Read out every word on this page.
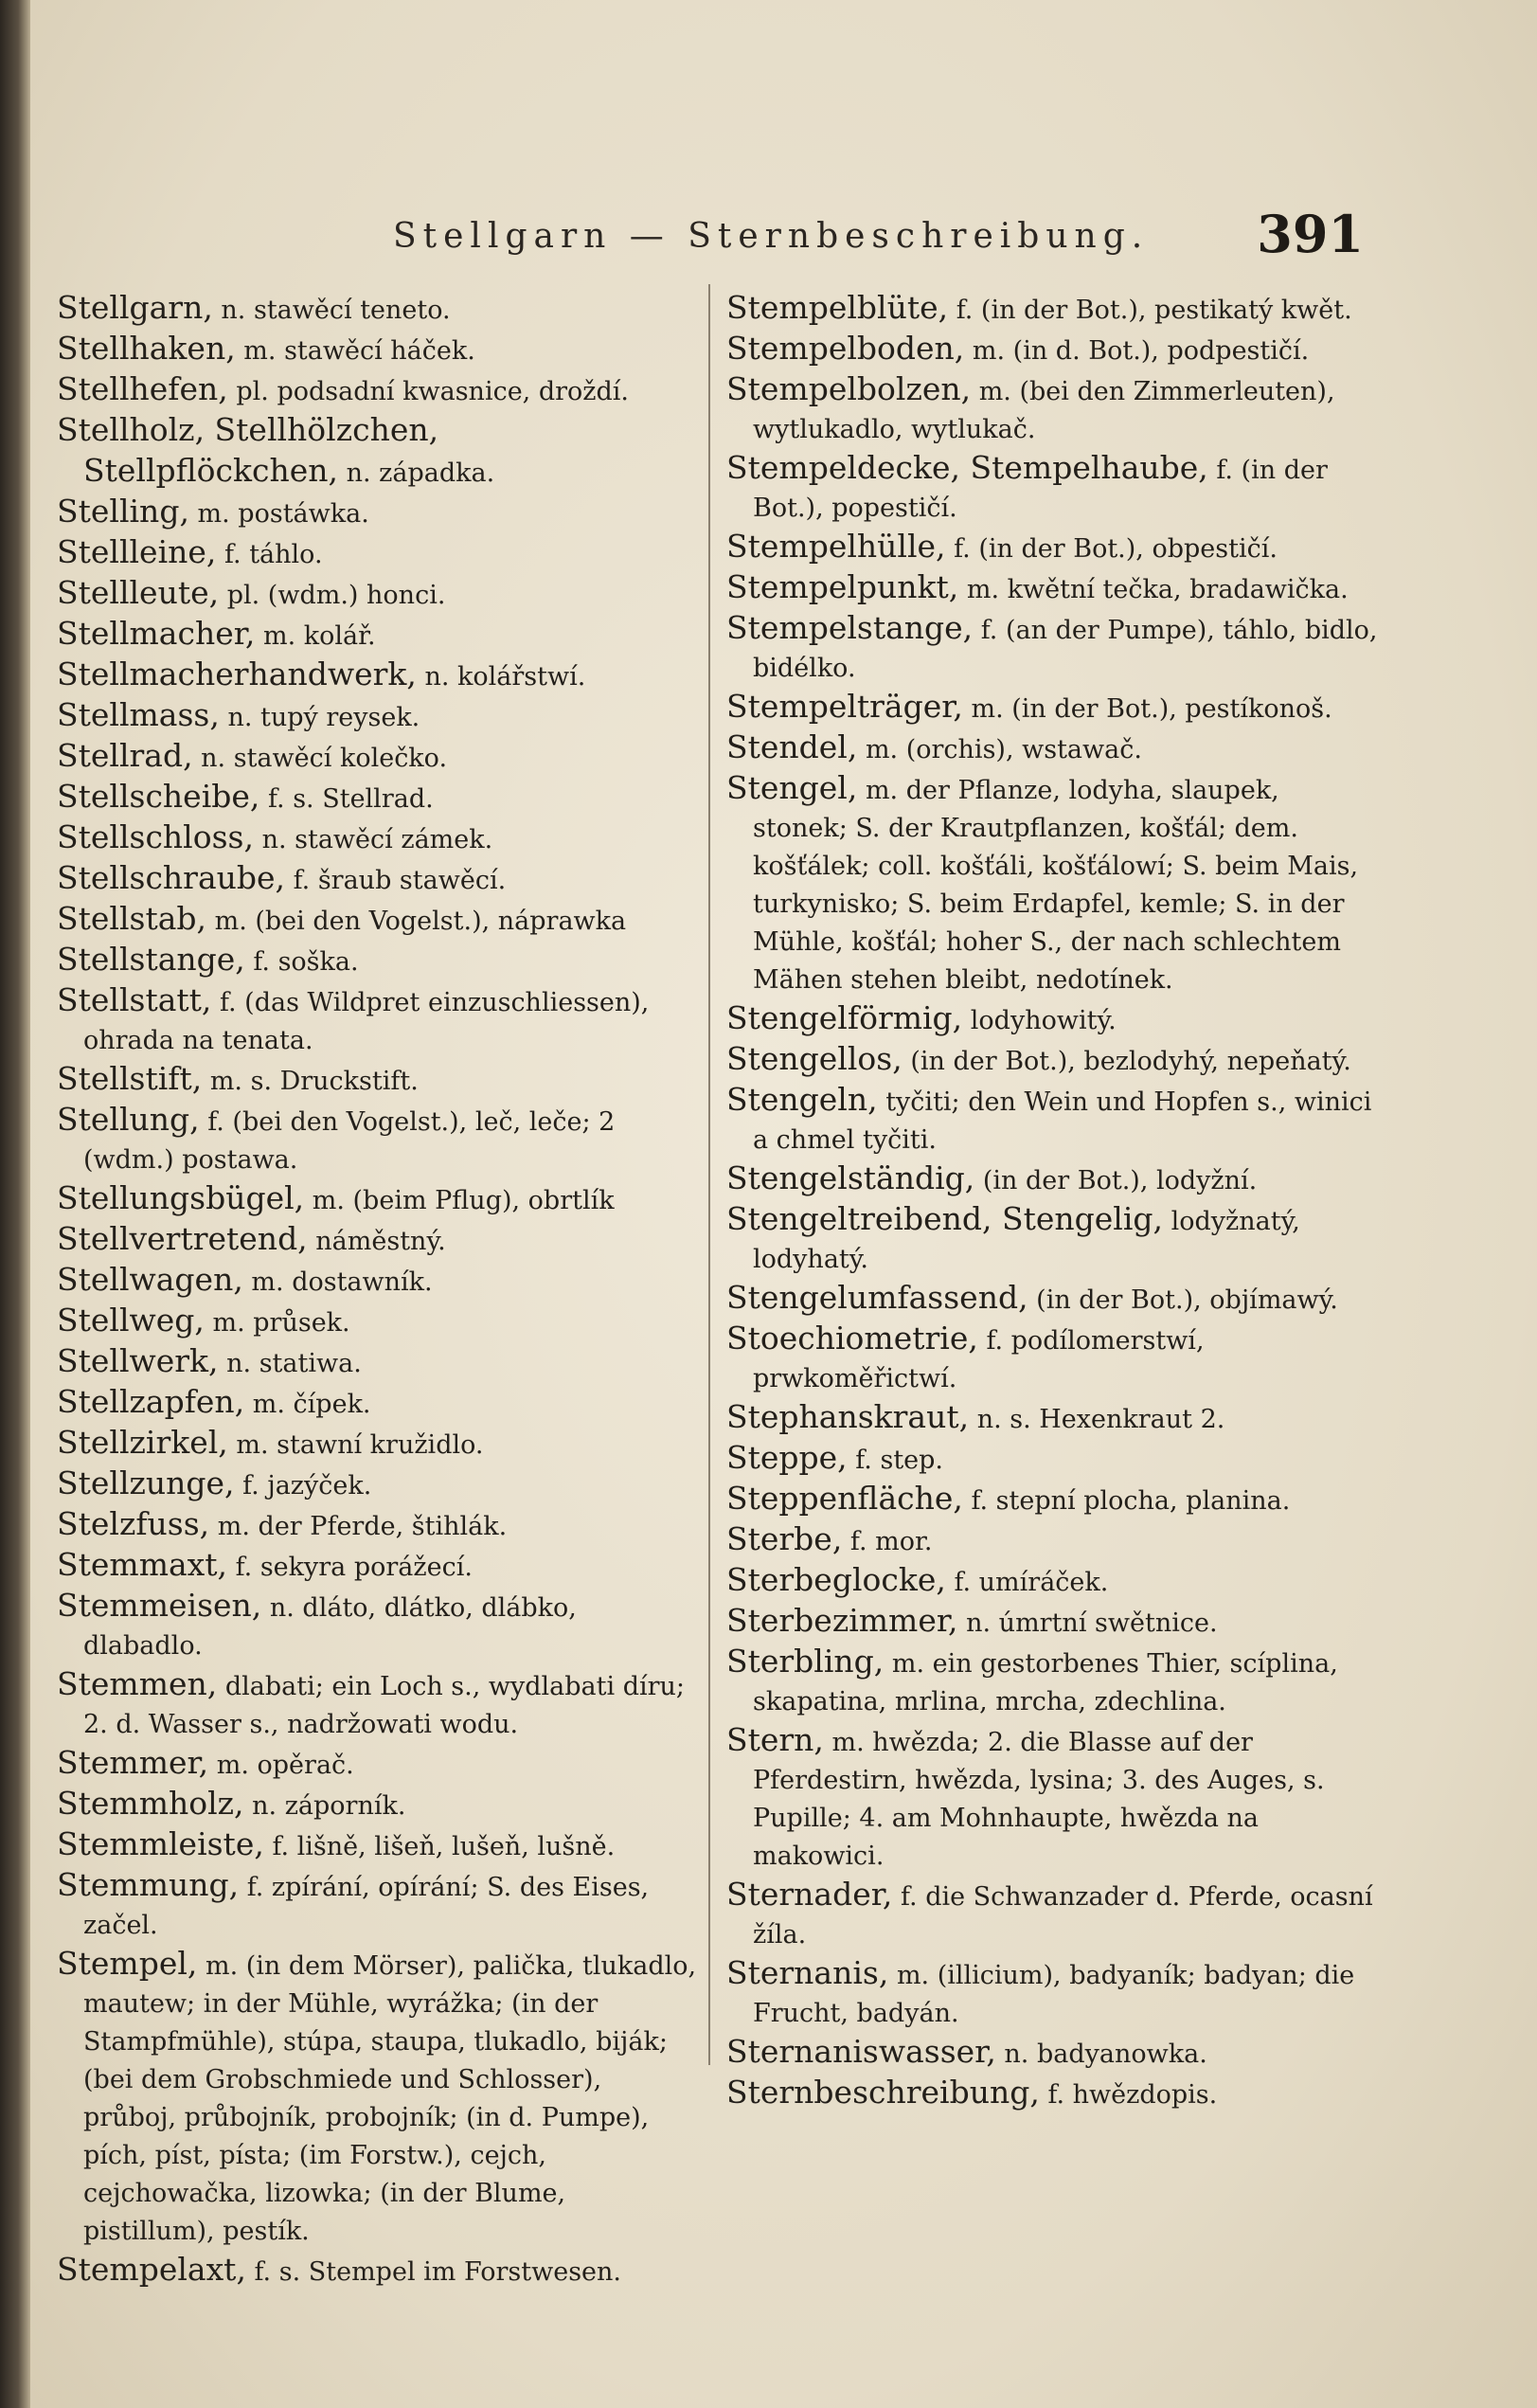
Stellgarn — Sternbeschreibung. 391

Stellgarn, n. stawěcí teneto.

Stellhaken, m. stawěcí háček.

Stellhefen, pl. podsadní kwasnice, droždí.

Stellholz, Stellhölzchen, Stellpflöckchen, n. západka.

Stelling, m. postáwka.

Stellleine, f. táhlo.

Stellleute, pl. (wdm.) honci.

Stellmacher, m. kolář.

Stellmacherhandwerk, n. kolářstwí.

Stellmass, n. tupý reysek.

Stellrad, n. stawěcí kolečko.

Stellscheibe, f. s. Stellrad.

Stellschloss, n. stawěcí zámek.

Stellschraube, f. šraub stawěcí.

Stellstab, m. (bei den Vogelst.), náprawka

Stellstange, f. soška.

Stellstatt, f. (das Wildpret einzuschliessen), ohrada na tenata.

Stellstift, m. s. Druckstift.

Stellung, f. (bei den Vogelst.), leč, leče; 2 (wdm.) postawa.

Stellungsbügel, m. (beim Pflug), obrtlík

Stellvertretend, náměstný.

Stellwagen, m. dostawník.

Stellweg, m. průsek.

Stellwerk, n. statiwa.

Stellzapfen, m. čípek.

Stellzirkel, m. stawní kružidlo.

Stellzunge, f. jazýček.

Stelzfuss, m. der Pferde, štihlák.

Stemmaxt, f. sekyra porážecí.

Stemmeisen, n. dláto, dlátko, dlábko, dlabadlo.

Stemmen, dlabati; ein Loch s., wydlabati díru; 2. d. Wasser s., nadržowati wodu.

Stemmer, m. opěrač.

Stemmholz, n. záporník.

Stemmleiste, f. lišně, lišeň, lušeň, lušně.

Stemmung, f. zpírání, opírání; S. des Eises, začel.

Stempel, m. (in dem Mörser), palička, tlukadlo, mautew; in der Mühle, wyrážka; (in der Stampfmühle), stúpa, staupa, tlukadlo, biják; (bei dem Grobschmiede und Schlosser), průboj, průbojník, probojník; (in d. Pumpe), pích, píst, písta; (im Forstw.), cejch, cejchowačka, lizowka; (in der Blume, pistillum), pestík.

Stempelaxt, f. s. Stempel im Forstwesen.

Stempelblüte, f. (in der Bot.), pestikatý kwět.

Stempelboden, m. (in d. Bot.), podpestičí.

Stempelbolzen, m. (bei den Zimmerleuten), wytlukadlo, wytlukač.

Stempeldecke, Stempelhaube, f. (in der Bot.), popestičí.

Stempelhülle, f. (in der Bot.), obpestičí.

Stempelpunkt, m. kwětní tečka, bradawička.

Stempelstange, f. (an der Pumpe), táhlo, bidlo, bidélko.

Stempelträger, m. (in der Bot.), pestíkonoš.

Stendel, m. (orchis), wstawač.

Stengel, m. der Pflanze, lodyha, slaupek, stonek; S. der Krautpflanzen, košťál; dem. košťálek; coll. košťáli, košťálowí; S. beim Mais, turkynisko; S. beim Erdapfel, kemle; S. in der Mühle, košťál; hoher S., der nach schlechtem Mähen stehen bleibt, nedotínek.

Stengelförmig, lodyhowitý.

Stengellos, (in der Bot.), bezlodyhý, nepeňatý.

Stengeln, tyčiti; den Wein und Hopfen s., winici a chmel tyčiti.

Stengelständig, (in der Bot.), lodyžní.

Stengeltreibend, Stengelig, lodyžnatý, lodyhatý.

Stengelumfassend, (in der Bot.), objímawý.

Stoechiometrie, f. podílomerstwí, prwkoměřictwí.

Stephanskraut, n. s. Hexenkraut 2.

Steppe, f. step.

Steppenfläche, f. stepní plocha, planina.

Sterbe, f. mor.

Sterbeglocke, f. umíráček.

Sterbezimmer, n. úmrtní swětnice.

Sterbling, m. ein gestorbenes Thier, scíplina, skapatina, mrlina, mrcha, zdechlina.

Stern, m. hwězda; 2. die Blasse auf der Pferdestirn, hwězda, lysina; 3. des Auges, s. Pupille; 4. am Mohnhaupte, hwězda na makowici.

Sternader, f. die Schwanzader d. Pferde, ocasní žíla.

Sternanis, m. (illicium), badyaník; badyan; die Frucht, badyán.

Sternaniswasser, n. badyanowka.

Sternbeschreibung, f. hwězdopis.
